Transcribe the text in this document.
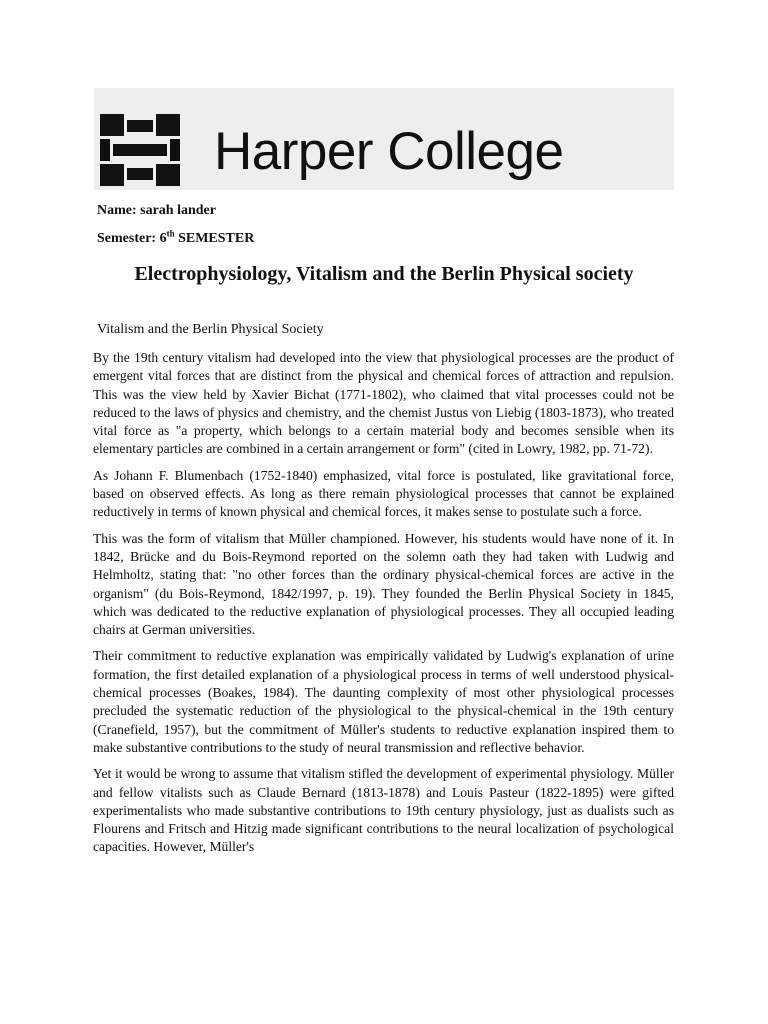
Harper College
Name: sarah lander
Semester: 6th SEMESTER
Electrophysiology, Vitalism and the Berlin Physical society
Vitalism and the Berlin Physical Society

By the 19th century vitalism had developed into the view that physiological processes are the product of emergent vital forces that are distinct from the physical and chemical forces of attraction and repulsion. This was the view held by Xavier Bichat (1771-1802), who claimed that vital processes could not be reduced to the laws of physics and chemistry, and the chemist Justus von Liebig (1803-1873), who treated vital force as "a property, which belongs to a certain material body and becomes sensible when its elementary particles are combined in a certain arrangement or form" (cited in Lowry, 1982, pp. 71-72).

As Johann F. Blumenbach (1752-1840) emphasized, vital force is postulated, like gravitational force, based on observed effects. As long as there remain physiological processes that cannot be explained reductively in terms of known physical and chemical forces, it makes sense to postulate such a force.

This was the form of vitalism that Müller championed. However, his students would have none of it. In 1842, Brücke and du Bois-Reymond reported on the solemn oath they had taken with Ludwig and Helmholtz, stating that: "no other forces than the ordinary physical-chemical forces are active in the organism" (du Bois-Reymond, 1842/1997, p. 19). They founded the Berlin Physical Society in 1845, which was dedicated to the reductive explanation of physiological processes. They all occupied leading chairs at German universities.

Their commitment to reductive explanation was empirically validated by Ludwig's explanation of urine formation, the first detailed explanation of a physiological process in terms of well understood physical-chemical processes (Boakes, 1984). The daunting complexity of most other physiological processes precluded the systematic reduction of the physiological to the physical-chemical in the 19th century (Cranefield, 1957), but the commitment of Müller's students to reductive explanation inspired them to make substantive contributions to the study of neural transmission and reflective behavior.

Yet it would be wrong to assume that vitalism stifled the development of experimental physiology. Müller and fellow vitalists such as Claude Bernard (1813-1878) and Louis Pasteur (1822-1895) were gifted experimentalists who made substantive contributions to 19th century physiology, just as dualists such as Flourens and Fritsch and Hitzig made significant contributions to the neural localization of psychological capacities. However, Müller's
